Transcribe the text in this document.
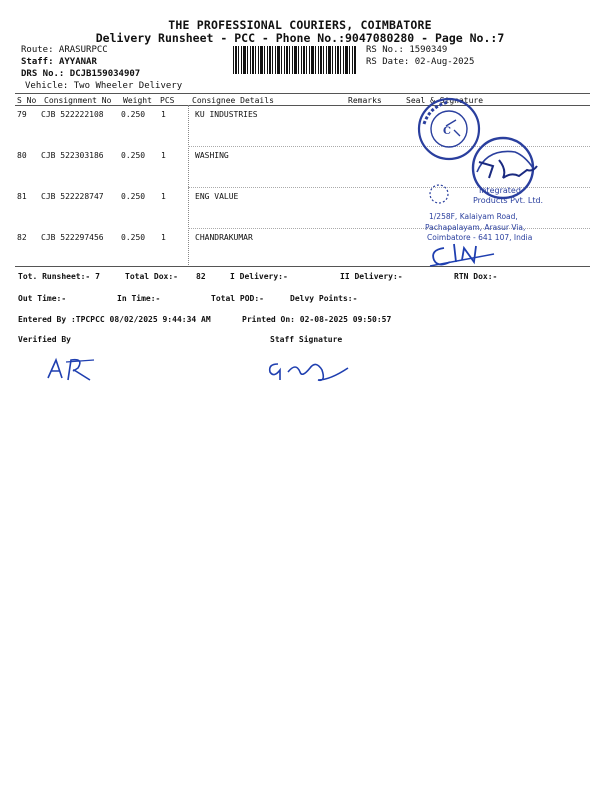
THE PROFESSIONAL COURIERS, COIMBATORE
Delivery Runsheet - PCC - Phone No.:9047080280 - Page No.:7
Route: ARASURPCC
Staff: AYYANAR
DRS No.: DCJB159034907
Vehicle: Two Wheeler Delivery
RS No.: 1590349
RS Date: 02-Aug-2025
S No Consignment No Weight PCS Consignee Details	Remarks	Seal & Signature
79 CJB 522222108 0.250 1	KU INDUSTRIES
80 CJB 522303186 0.250 1	WASHING
81 CJB 522228747 0.250 1	ENG VALUE
82 CJB 522297456 0.250 1	CHANDRAKUMAR
Tot. Runsheet:- 7	Total Dox:- 82	I Delivery:-	II Delivery:-	RTN Dox:-
Out Time:-	In Time:-	Total POD:-	Delvy Points:-
Entered By :TPCPCC 08/02/2025 9:44:34 AM	Printed On: 02-08-2025 09:50:57
Verified By	Staff Signature
C
Integrated
Products Pvt. Ltd.
1/258F, Kalaiyam Road,
Pachapalayam, Arasur Via,
Coimbatore - 641 107, India
